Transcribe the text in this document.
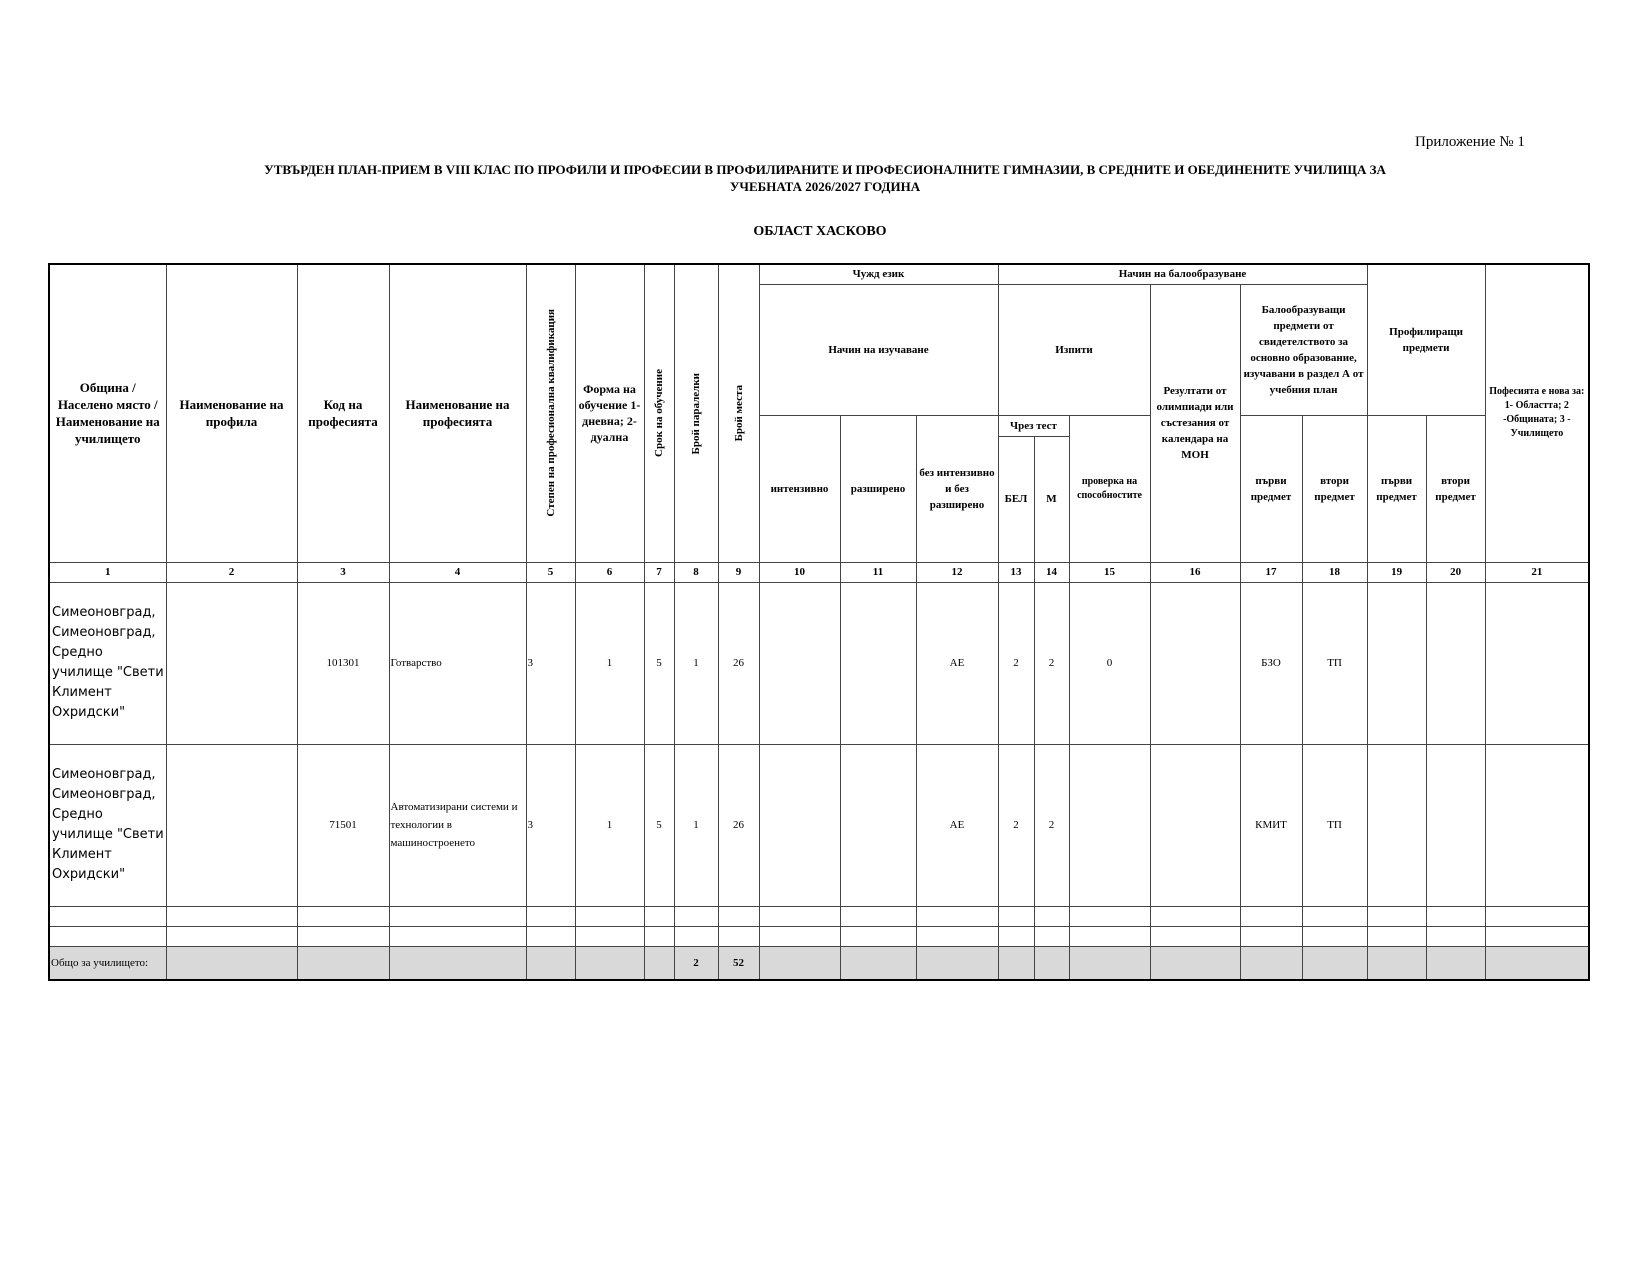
Приложение № 1
УТВЪРДЕН ПЛАН-ПРИЕМ В VIII КЛАС ПО ПРОФИЛИ И ПРОФЕСИИ В ПРОФИЛИРАНИТЕ И ПРОФЕСИОНАЛНИТЕ ГИМНАЗИИ, В СРЕДНИТЕ И ОБЕДИНЕНИТЕ УЧИЛИЩА ЗА
УЧЕБНАТА 2026/2027 ГОДИНА
ОБЛАСТ ХАСКОВО
Община / Населено място / Наименование на училището	Наименование на профила	Код на професията	Наименование на професията	Степен на професионална квалификация	Форма на обучение 1-дневна; 2-дуална	Срок на обучение	Брой паралелки	Брой места	Чужд език			Начин на балообразуване						Профилиращи предмети		Пофесията е нова за: 1- Областта; 2 -Общината; 3 - Училището
									Начин на изучаване			Изпити			Резултати от олимпиади или състезания от календара на МОН	Балообразуващи предмети от свидетелството за основно образование, изучавани в раздел А от учебния план				

									интензивно	разширено	без интензивно и без разширено	Чрез тест		проверка на способностите		първи предмет	втори предмет	първи предмет	втори предмет	
												БЕЛ	М							
1	2	3	4	5	6	7	8	9	10	11	12	13	14	15	16	17	18	19	20	21
Симеоновград, Симеоновград, Средно училище "Свети Климент Охридски"		101301	Готварство	3	1	5	1	26			АЕ	2	2	0		БЗО	ТП			
Симеоновград, Симеоновград, Средно училище "Свети Климент Охридски"		71501	Автоматизирани системи и технологии в машиностроенето	3	1	5	1	26			АЕ	2	2			КМИТ	ТП			

Общо за училището:							2	52												
